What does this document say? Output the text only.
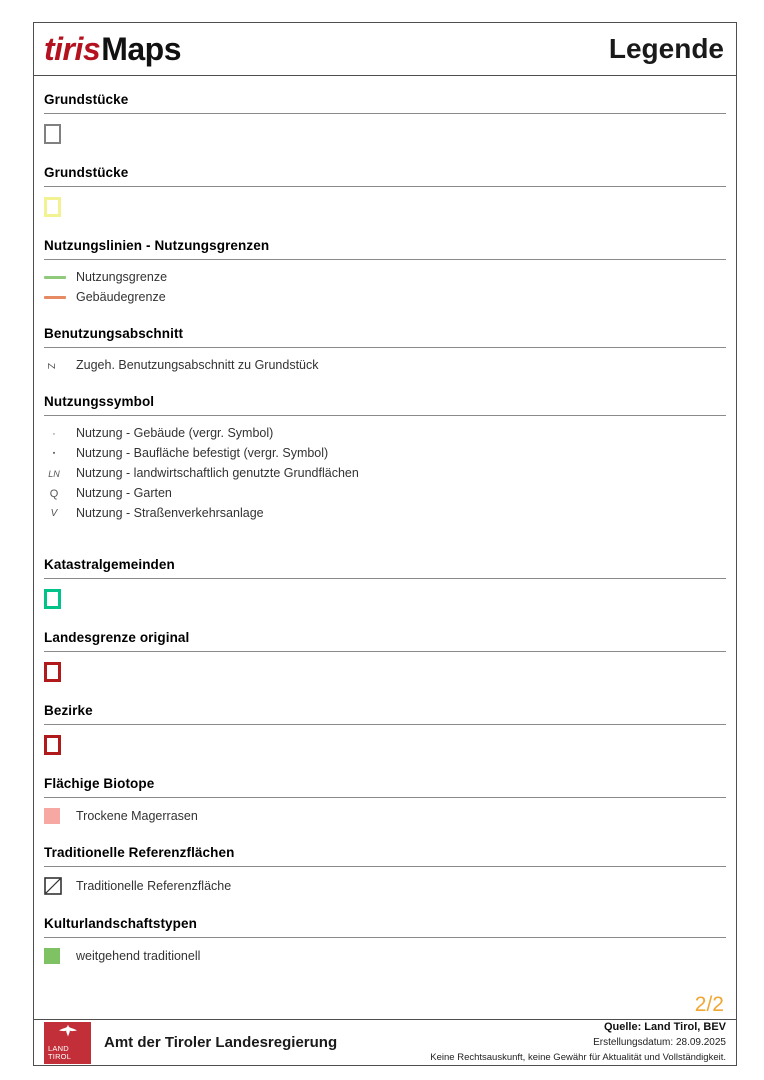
tirisMaps	Legende
Grundstücke
Grundstücke
Nutzungslinien - Nutzungsgrenzen
Nutzungsgrenze
Gebäudegrenze
Benutzungsabschnitt
Z Zugeh. Benutzungsabschnitt zu Grundstück
Nutzungssymbol
·	Nutzung - Gebäude (vergr. Symbol)
▪	Nutzung - Baufläche befestigt (vergr. Symbol)
LN	Nutzung - landwirtschaftlich genutzte Grundflächen
Q	Nutzung - Garten
V	Nutzung - Straßenverkehrsanlage
Katastralgemeinden
Landesgrenze original
Bezirke
Flächige Biotope
Trockene Magerrasen
Traditionelle Referenzflächen
Traditionelle Referenzfläche
Kulturlandschaftstypen
weitgehend traditionell
2/2
LAND
TIROL
Amt der Tiroler Landesregierung
Quelle: Land Tirol, BEV
Erstellungsdatum: 28.09.2025
Keine Rechtsauskunft, keine Gewähr für Aktualität und Vollständigkeit.
